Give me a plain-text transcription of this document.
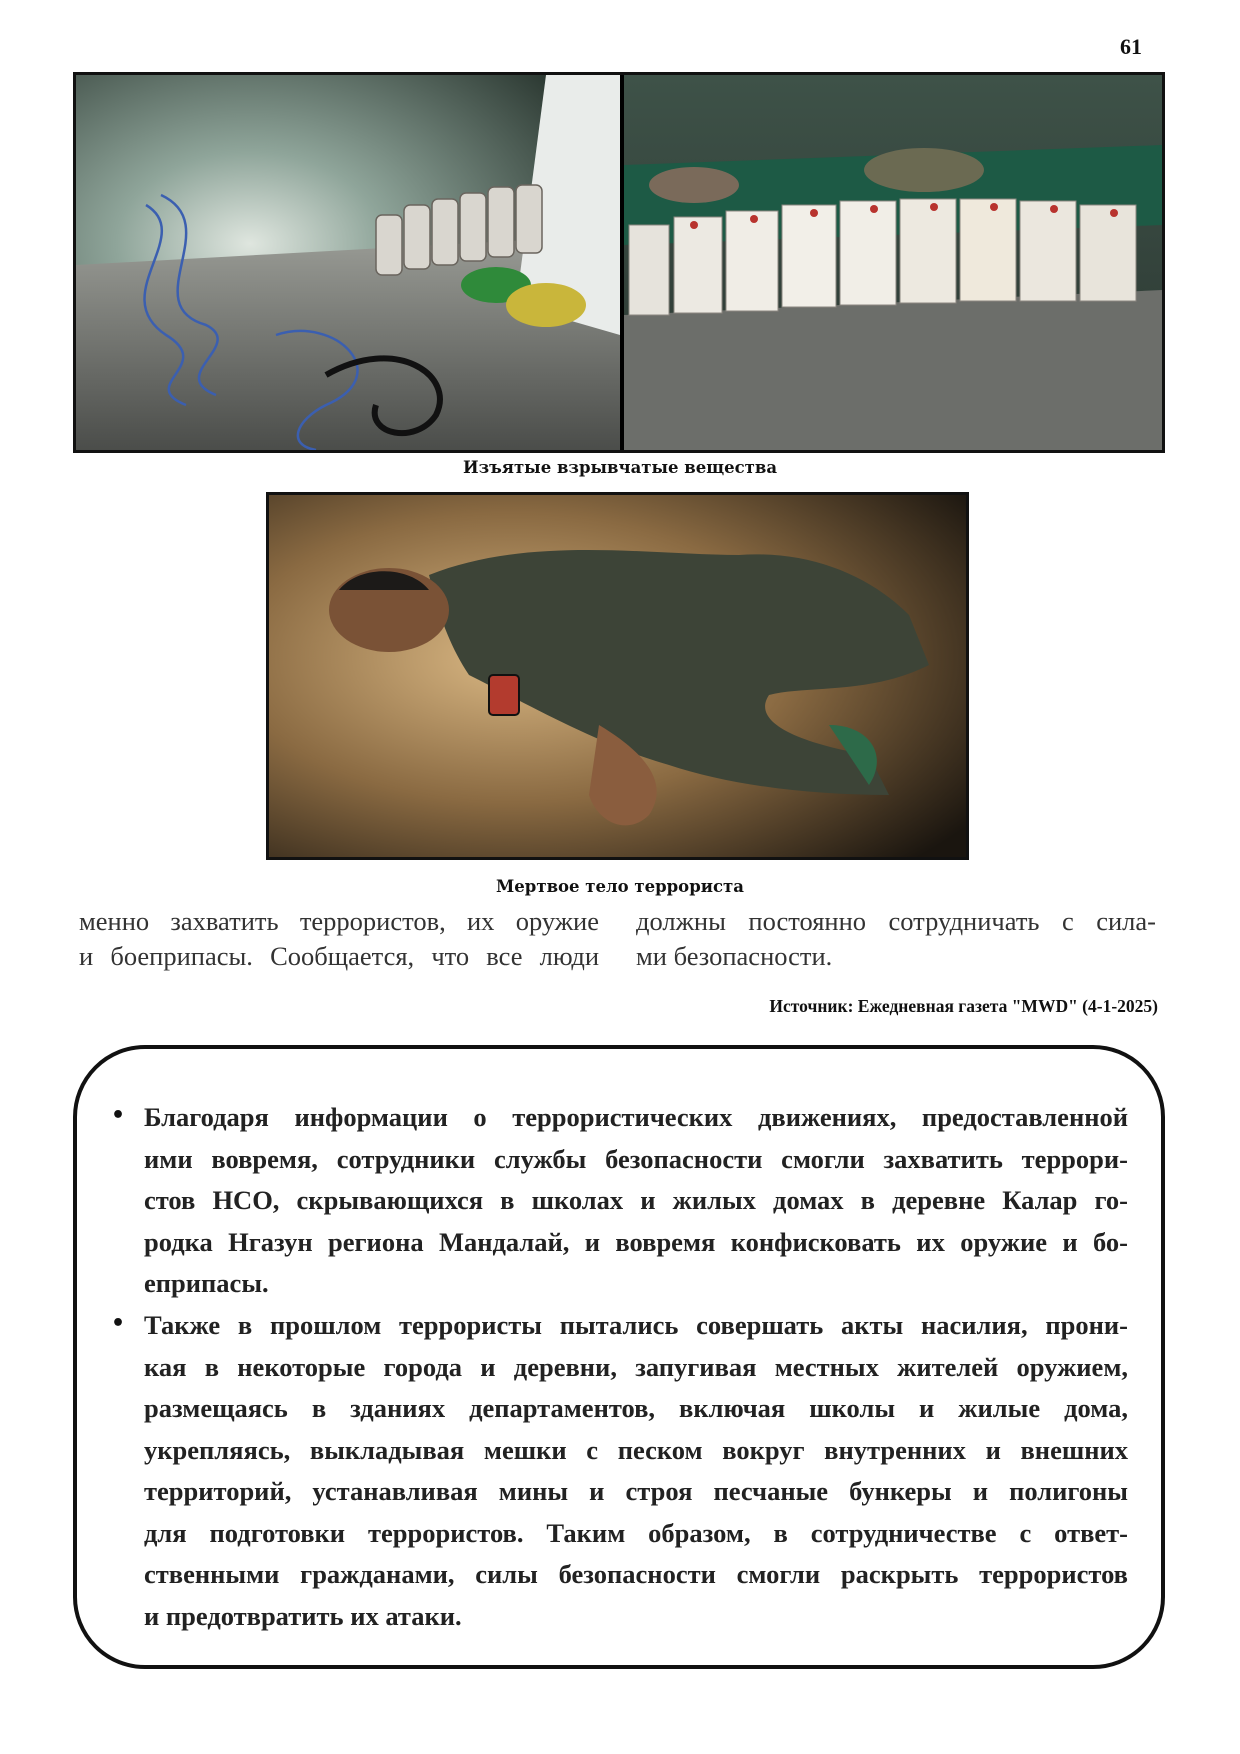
61
Изъятые взрывчатые вещества
Мертвое тело террориста
менно захватить террористов, их оружие
и боеприпасы. Сообщается, что все люди
должны постоянно сотрудничать с сила-
ми безопасности.
Источник: Ежедневная газета "MWD" (4-1-2025)
• Благодаря информации о террористических движениях, предоставленной
ими вовремя, сотрудники службы безопасности смогли захватить террори-
стов НСО, скрывающихся в школах и жилых домах в деревне Калар го-
родка Нгазун региона Мандалай, и вовремя конфисковать их оружие и бо-
еприпасы.
• Также в прошлом террористы пытались совершать акты насилия, прони-
кая в некоторые города и деревни, запугивая местных жителей оружием,
размещаясь в зданиях департаментов, включая школы и жилые дома,
укрепляясь, выкладывая мешки с песком вокруг внутренних и внешних
территорий, устанавливая мины и строя песчаные бункеры и полигоны
для подготовки террористов. Таким образом, в сотрудничестве с ответ-
ственными гражданами, силы безопасности смогли раскрыть террористов
и предотвратить их атаки.
